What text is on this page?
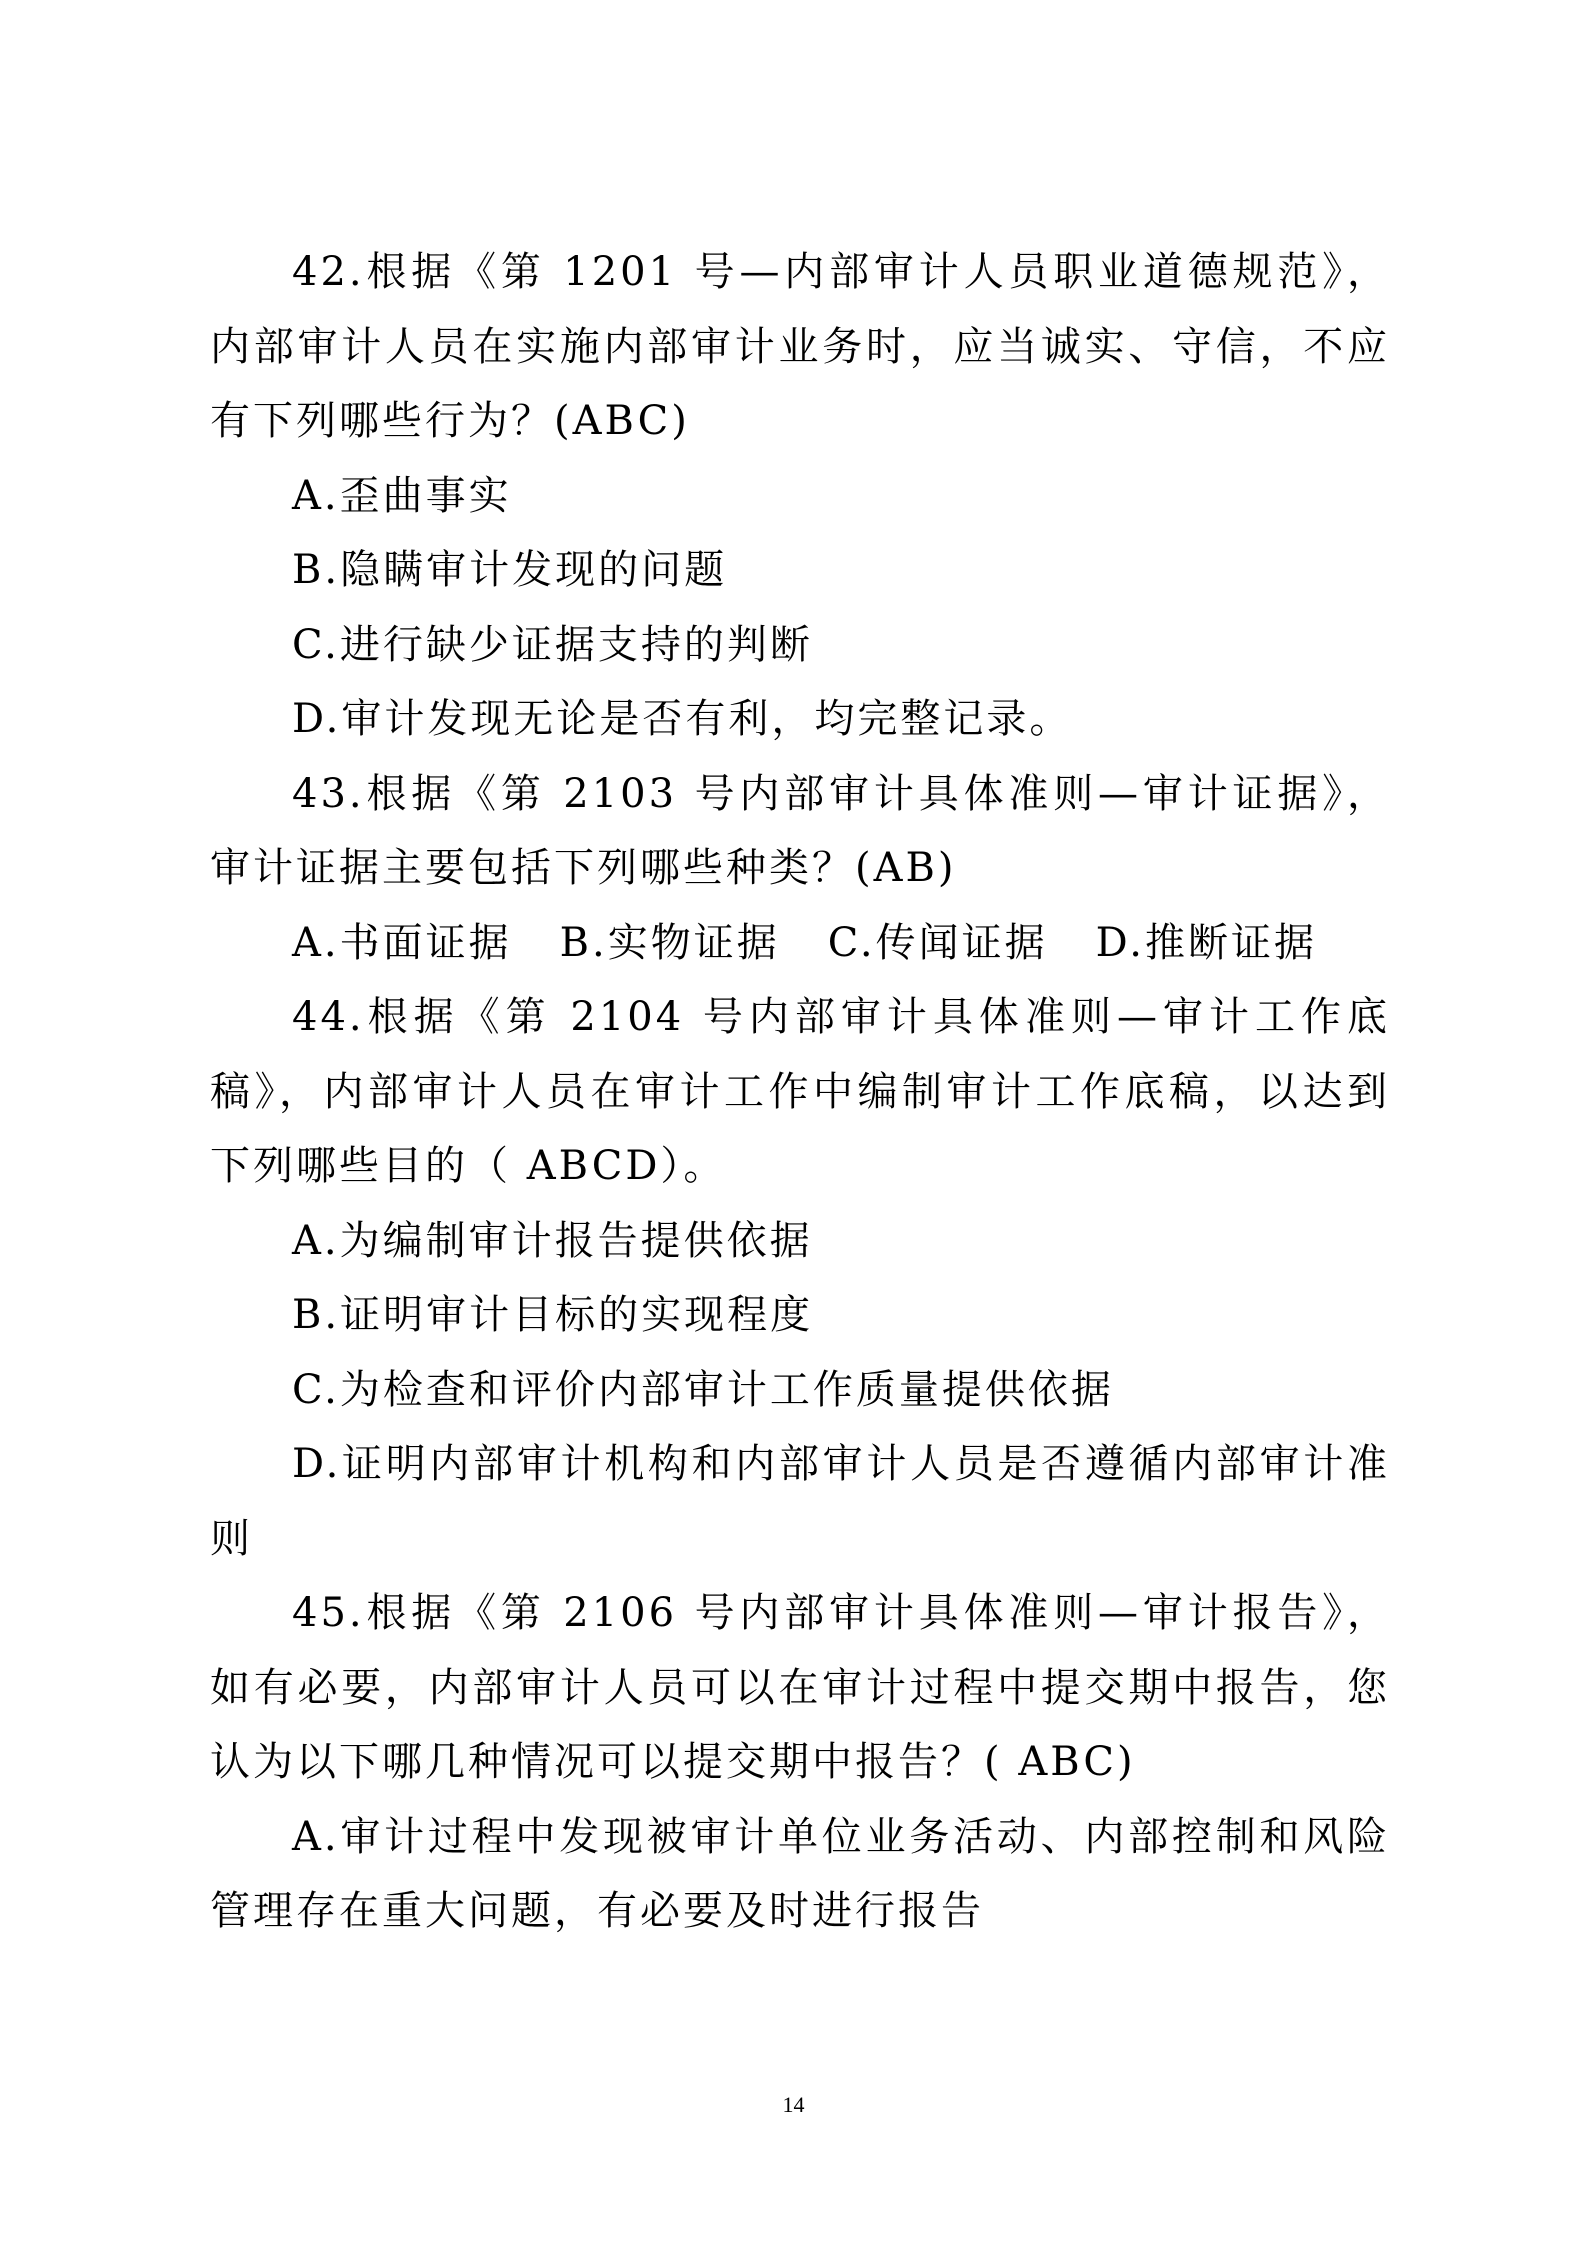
42.根据《第 1201 号—内部审计人员职业道德规范》，内部审计人员在实施内部审计业务时，应当诚实、守信，不应有下列哪些行为？(ABC)

A.歪曲事实

B.隐瞒审计发现的问题

C.进行缺少证据支持的判断

D.审计发现无论是否有利，均完整记录。

43.根据《第 2103 号内部审计具体准则—审计证据》，审计证据主要包括下列哪些种类？(AB)

A.书面证据 B.实物证据 C.传闻证据 D.推断证据

44.根据《第 2104 号内部审计具体准则—审计工作底稿》，内部审计人员在审计工作中编制审计工作底稿，以达到下列哪些目的（ ABCD）。

A.为编制审计报告提供依据

B.证明审计目标的实现程度

C.为检查和评价内部审计工作质量提供依据

D.证明内部审计机构和内部审计人员是否遵循内部审计准则

45.根据《第 2106 号内部审计具体准则—审计报告》，如有必要，内部审计人员可以在审计过程中提交期中报告，您认为以下哪几种情况可以提交期中报告？( ABC)

A.审计过程中发现被审计单位业务活动、内部控制和风险管理存在重大问题，有必要及时进行报告

14
